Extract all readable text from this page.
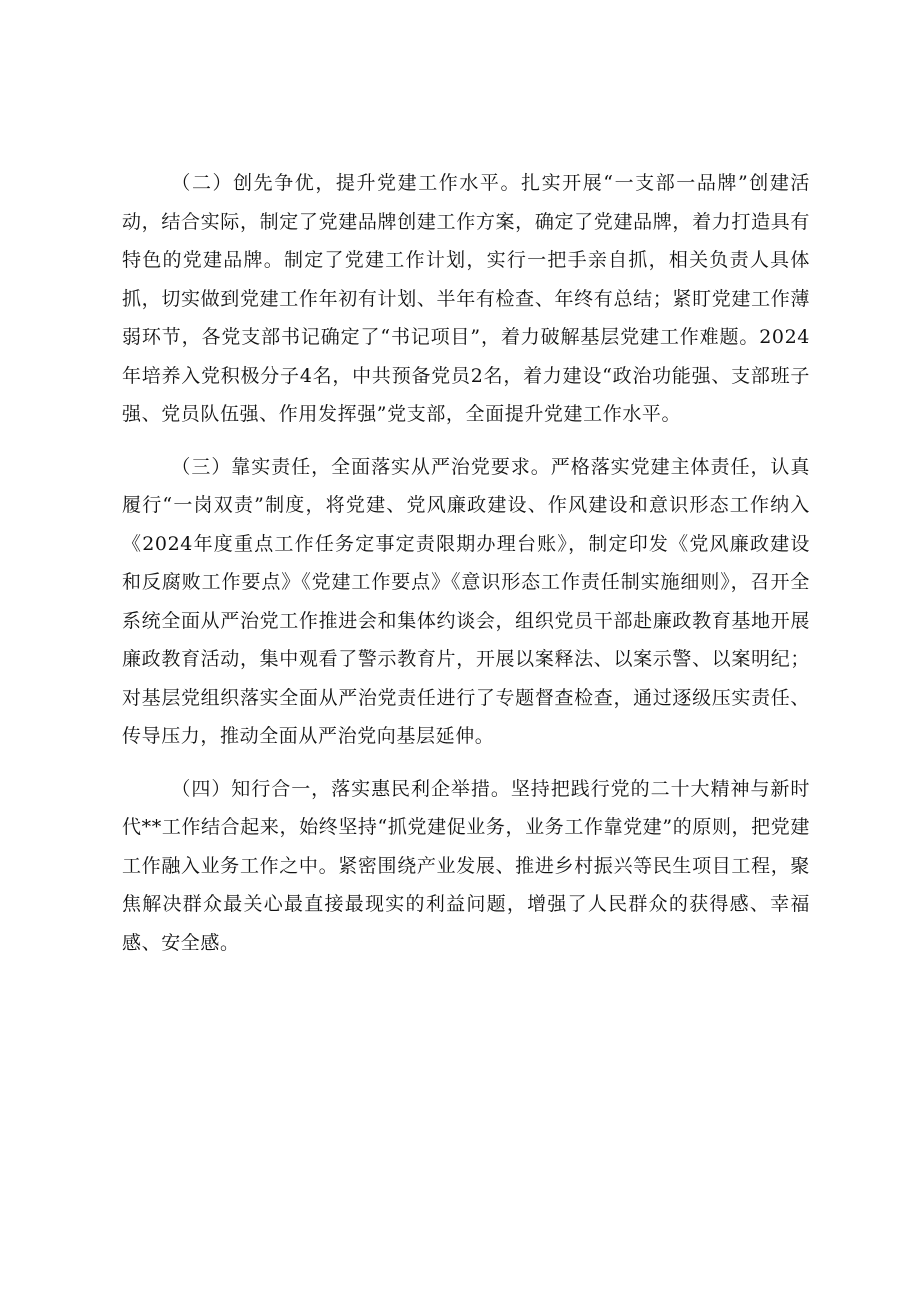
（二）创先争优，提升党建工作水平。扎实开展“一支部一品牌”创建活动，结合实际，制定了党建品牌创建工作方案，确定了党建品牌，着力打造具有特色的党建品牌。制定了党建工作计划，实行一把手亲自抓，相关负责人具体抓，切实做到党建工作年初有计划、半年有检查、年终有总结；紧盯党建工作薄弱环节，各党支部书记确定了“书记项目”，着力破解基层党建工作难题。2024年培养入党积极分子4名，中共预备党员2名，着力建设“政治功能强、支部班子强、党员队伍强、作用发挥强”党支部，全面提升党建工作水平。

（三）靠实责任，全面落实从严治党要求。严格落实党建主体责任，认真履行“一岗双责”制度，将党建、党风廉政建设、作风建设和意识形态工作纳入《2024年度重点工作任务定事定责限期办理台账》，制定印发《党风廉政建设和反腐败工作要点》《党建工作要点》《意识形态工作责任制实施细则》，召开全系统全面从严治党工作推进会和集体约谈会，组织党员干部赴廉政教育基地开展廉政教育活动，集中观看了警示教育片，开展以案释法、以案示警、以案明纪；对基层党组织落实全面从严治党责任进行了专题督查检查，通过逐级压实责任、传导压力，推动全面从严治党向基层延伸。

（四）知行合一，落实惠民利企举措。坚持把践行党的二十大精神与新时代**工作结合起来，始终坚持“抓党建促业务，业务工作靠党建”的原则，把党建工作融入业务工作之中。紧密围绕产业发展、推进乡村振兴等民生项目工程，聚焦解决群众最关心最直接最现实的利益问题，增强了人民群众的获得感、幸福感、安全感。
